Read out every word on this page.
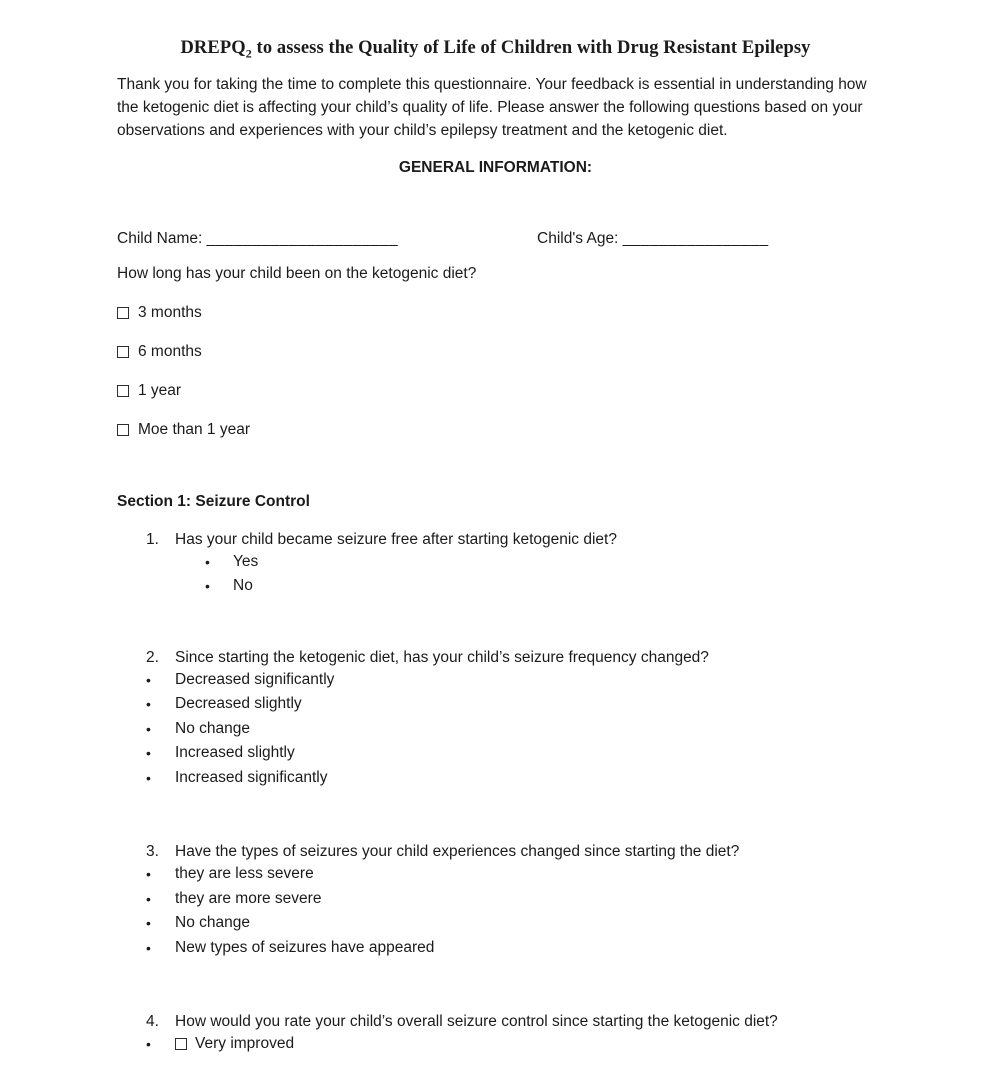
$DREPQ_2$ to assess the Quality of Life of Children with Drug Resistant Epilepsy

Thank you for taking the time to complete this questionnaire. Your feedback is essential in understanding how the ketogenic diet is affecting your child’s quality of life. Please answer the following questions based on your observations and experiences with your child’s epilepsy treatment and the ketogenic diet.

GENERAL INFORMATION:
Child Name: _____________________	Child's Age: ________________
How long has your child been on the ketogenic diet?
3 months
6 months
1 year
Moe than 1 year
Section 1: Seizure Control
1.	Has your child became seizure free after starting ketogenic diet?
•	Yes
•	No
2.	Since starting the ketogenic diet, has your child’s seizure frequency changed?
•	Decreased significantly
•	Decreased slightly
•	No change
•	Increased slightly
•	Increased significantly
3.	Have the types of seizures your child experiences changed since starting the diet?
•	they are less severe
•	they are more severe
•	No change
•	New types of seizures have appeared
4.	How would you rate your child’s overall seizure control since starting the ketogenic diet?
•	Very improved
